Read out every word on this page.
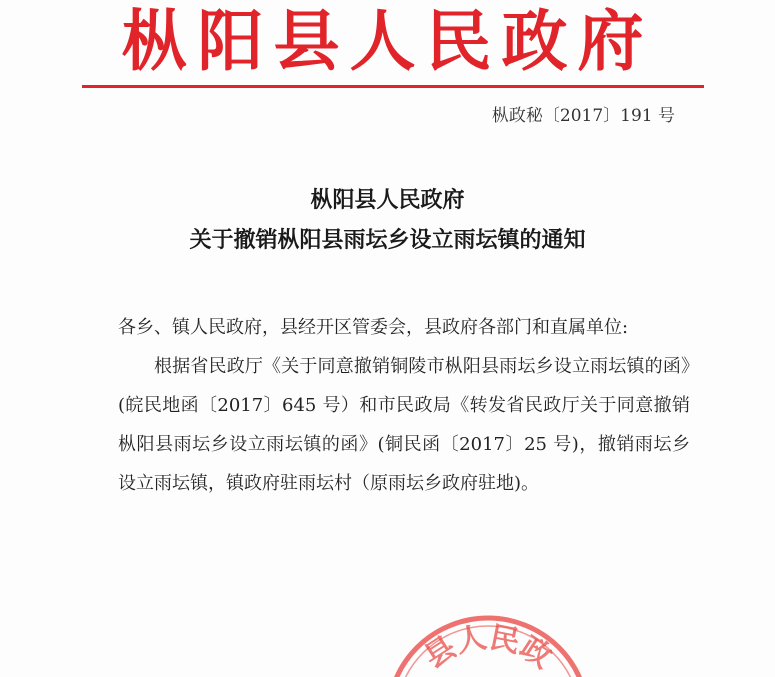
枞阳县人民政府
枞政秘〔2017〕191 号
枞阳县人民政府
关于撤销枞阳县雨坛乡设立雨坛镇的通知

各乡、镇人民政府，县经开区管委会，县政府各部门和直属单位:

根据省民政厅《关于同意撤销铜陵市枞阳县雨坛乡设立雨坛镇的函》(皖民地函〔2017〕645 号）和市民政局《转发省民政厅关于同意撤销枞阳县雨坛乡设立雨坛镇的函》(铜民函〔2017〕25 号)，撤销雨坛乡设立雨坛镇，镇政府驻雨坛村（原雨坛乡政府驻地)。

县人民政
